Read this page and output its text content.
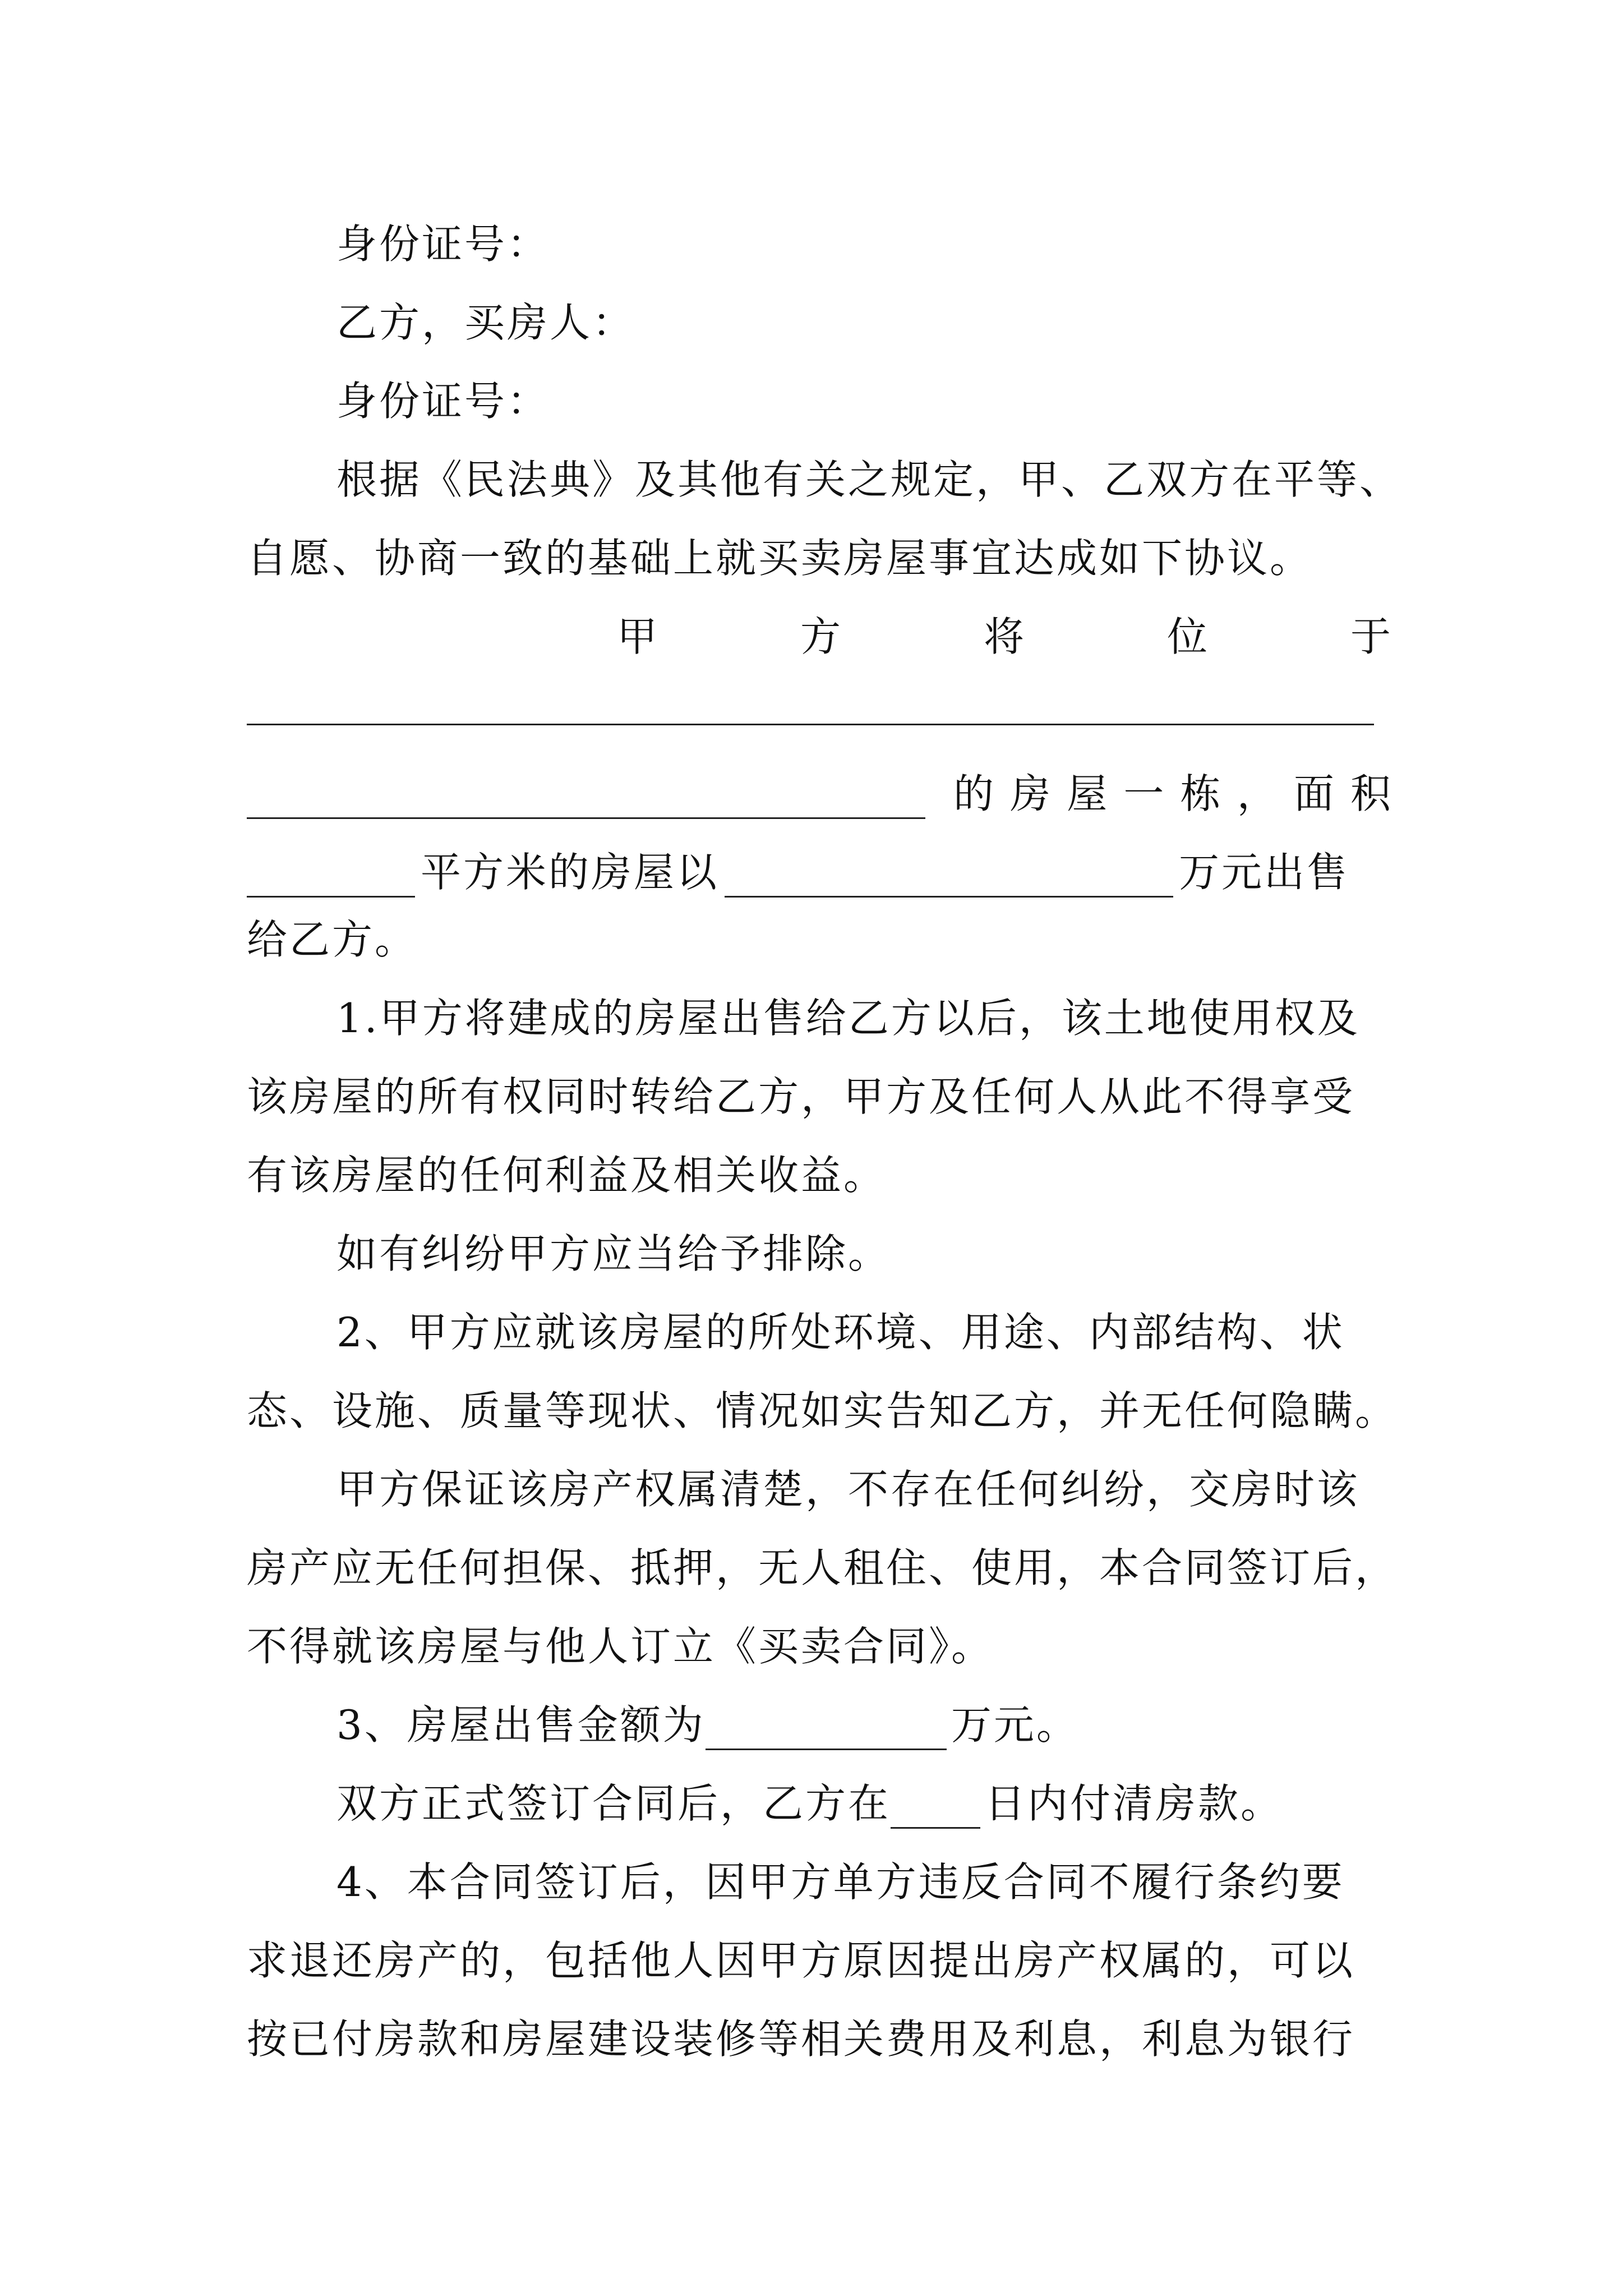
身份证号：
乙方，买房人：
身份证号：
根据《民法典》及其他有关之规定，甲、乙双方在平等、
自愿、协商一致的基础上就买卖房屋事宜达成如下协议。
甲	方	将	位	于
的 房 屋 一 栋 ， 面 积
平方米的房屋以	万元出售
给乙方。
1.甲方将建成的房屋出售给乙方以后，该土地使用权及
该房屋的所有权同时转给乙方，甲方及任何人从此不得享受
有该房屋的任何利益及相关收益。
如有纠纷甲方应当给予排除。
2、甲方应就该房屋的所处环境、用途、内部结构、状
态、设施、质量等现状、情况如实告知乙方，并无任何隐瞒。
甲方保证该房产权属清楚，不存在任何纠纷，交房时该
房产应无任何担保、抵押，无人租住、使用，本合同签订后，
不得就该房屋与他人订立《买卖合同》。
3、房屋出售金额为	万元。
双方正式签订合同后，乙方在 日内付清房款。
4、本合同签订后，因甲方单方违反合同不履行条约要
求退还房产的，包括他人因甲方原因提出房产权属的，可以
按已付房款和房屋建设装修等相关费用及利息，利息为银行
